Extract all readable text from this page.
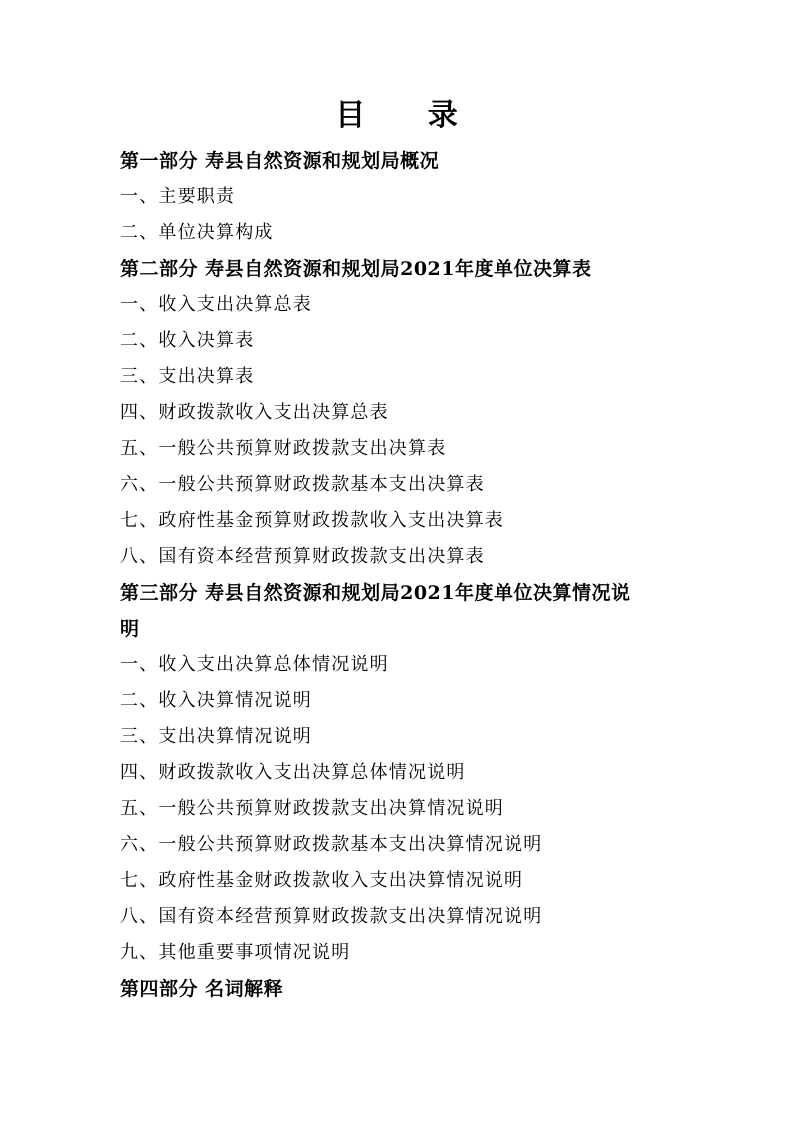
目 录
第一部分 寿县自然资源和规划局概况
一、主要职责
二、单位决算构成
第二部分 寿县自然资源和规划局2021年度单位决算表
一、收入支出决算总表
二、收入决算表
三、支出决算表
四、财政拨款收入支出决算总表
五、一般公共预算财政拨款支出决算表
六、一般公共预算财政拨款基本支出决算表
七、政府性基金预算财政拨款收入支出决算表
八、国有资本经营预算财政拨款支出决算表
第三部分 寿县自然资源和规划局2021年度单位决算情况说
明
一、收入支出决算总体情况说明
二、收入决算情况说明
三、支出决算情况说明
四、财政拨款收入支出决算总体情况说明
五、一般公共预算财政拨款支出决算情况说明
六、一般公共预算财政拨款基本支出决算情况说明
七、政府性基金财政拨款收入支出决算情况说明
八、国有资本经营预算财政拨款支出决算情况说明
九、其他重要事项情况说明
第四部分 名词解释
